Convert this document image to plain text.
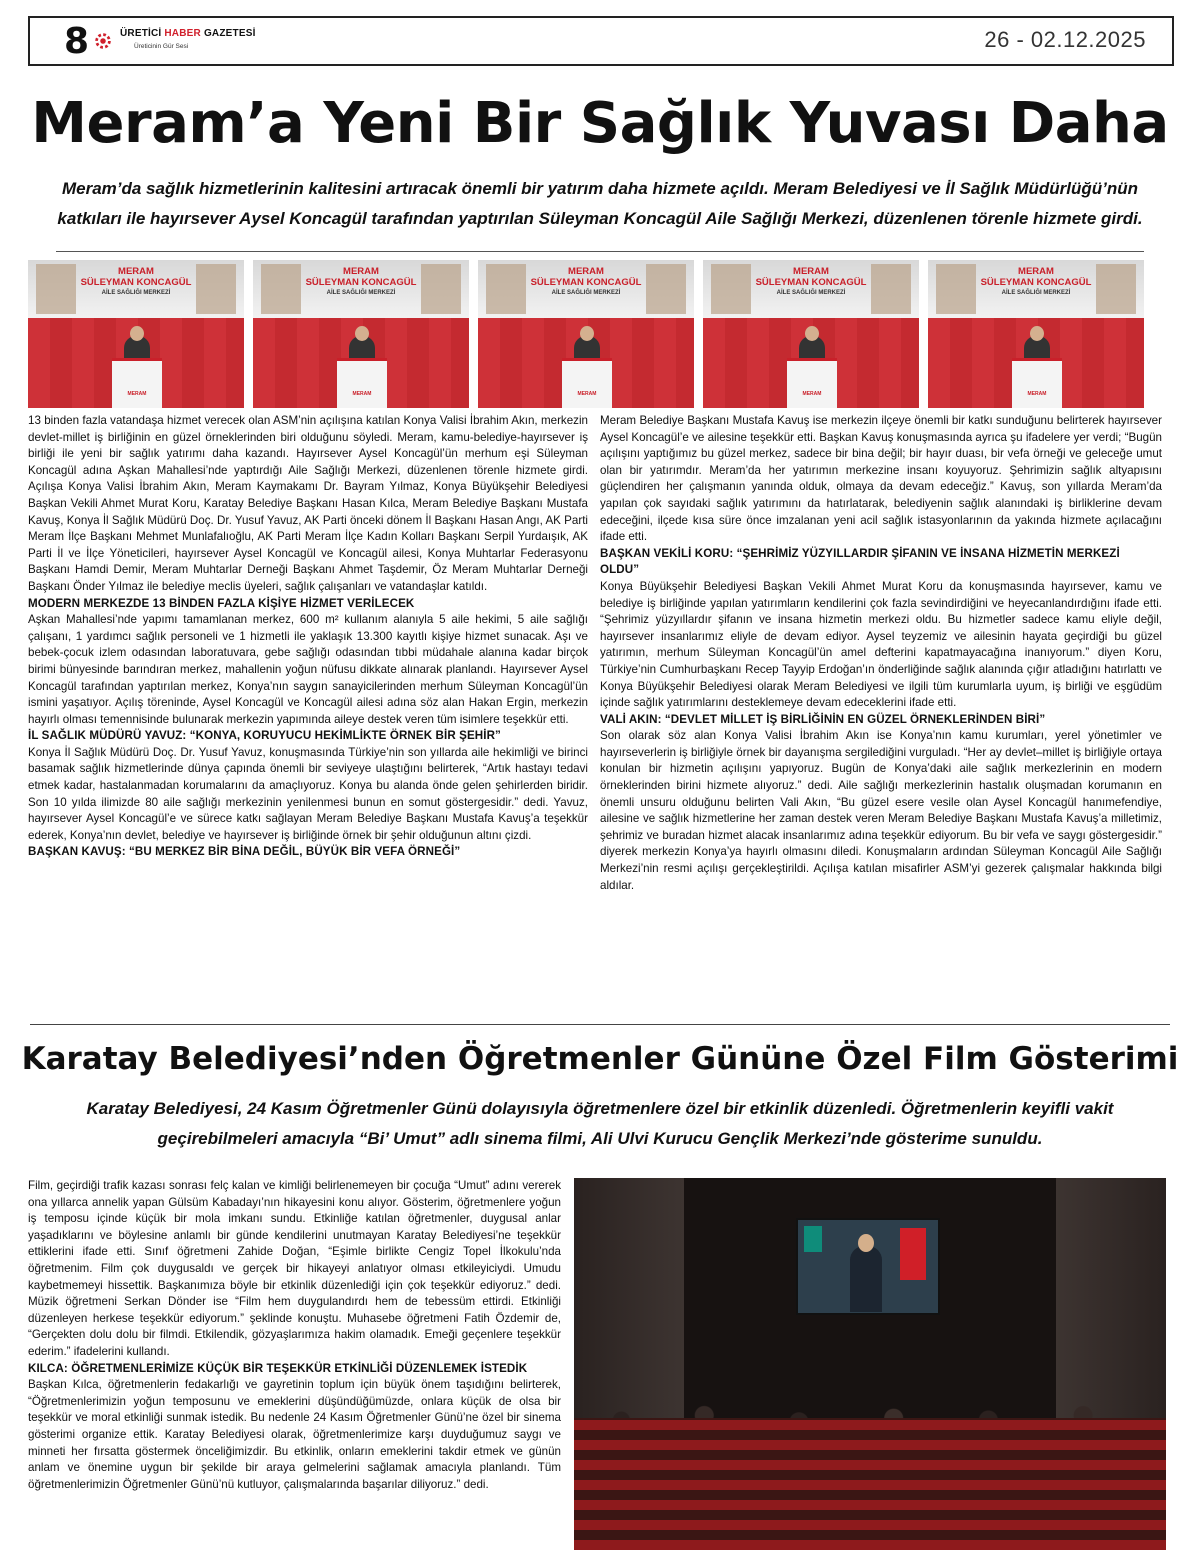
8	ÜRETİCİ HABER GAZETESİ
Üreticinin Gür Sesi	26 - 02.12.2025
Meram’a Yeni Bir Sağlık Yuvası Daha
Meram’da sağlık hizmetlerinin kalitesini artıracak önemli bir yatırım daha hizmete açıldı. Meram Belediyesi ve İl Sağlık Müdürlüğü’nün
katkıları ile hayırsever Aysel Koncagül tarafından yaptırılan Süleyman Koncagül Aile Sağlığı Merkezi, düzenlenen törenle hizmete girdi.
MERAM
SÜLEYMAN KONCAGÜL
AİLE SAĞLIĞI MERKEZİ
MERAM
MERAM
SÜLEYMAN KONCAGÜL
AİLE SAĞLIĞI MERKEZİ
MERAM
MERAM
SÜLEYMAN KONCAGÜL
AİLE SAĞLIĞI MERKEZİ
MERAM
MERAM
SÜLEYMAN KONCAGÜL
AİLE SAĞLIĞI MERKEZİ
MERAM
MERAM
SÜLEYMAN KONCAGÜL
AİLE SAĞLIĞI MERKEZİ
MERAM

13 binden fazla vatandaşa hizmet verecek olan ASM’nin açılışına katılan Konya Valisi İbrahim Akın, merkezin devlet-millet iş birliğinin en güzel örneklerinden biri olduğunu söyledi. Meram, kamu-belediye-hayırsever iş birliği ile yeni bir sağlık yatırımı daha kazandı. Hayırsever Aysel Koncagül’ün merhum eşi Süleyman Koncagül adına Aşkan Mahallesi’nde yaptırdığı Aile Sağlığı Merkezi, düzenlenen törenle hizmete girdi. Açılışa Konya Valisi İbrahim Akın, Meram Kaymakamı Dr. Bayram Yılmaz, Konya Büyükşehir Belediyesi Başkan Vekili Ahmet Murat Koru, Karatay Belediye Başkanı Hasan Kılca, Meram Belediye Başkanı Mustafa Kavuş, Konya İl Sağlık Müdürü Doç. Dr. Yusuf Yavuz, AK Parti önceki dönem İl Başkanı Hasan Angı, AK Parti Meram İlçe Başkanı Mehmet Munlafalıoğlu, AK Parti Meram İlçe Kadın Kolları Başkanı Serpil Yurdaışık, AK Parti İl ve İlçe Yöneticileri, hayırsever Aysel Koncagül ve Koncagül ailesi, Konya Muhtarlar Federasyonu Başkanı Hamdi Demir, Meram Muhtarlar Derneği Başkanı Ahmet Taşdemir, Öz Meram Muhtarlar Derneği Başkanı Önder Yılmaz ile belediye meclis üyeleri, sağlık çalışanları ve vatandaşlar katıldı.

MODERN MERKEZDE 13 BİNDEN FAZLA KİŞİYE HİZMET VERİLECEK

Aşkan Mahallesi’nde yapımı tamamlanan merkez, 600 m² kullanım alanıyla 5 aile hekimi, 5 aile sağlığı çalışanı, 1 yardımcı sağlık personeli ve 1 hizmetli ile yaklaşık 13.300 kayıtlı kişiye hizmet sunacak. Aşı ve bebek-çocuk izlem odasından laboratuvara, gebe sağlığı odasından tıbbi müdahale alanına kadar birçok birimi bünyesinde barındıran merkez, mahallenin yoğun nüfusu dikkate alınarak planlandı. Hayırsever Aysel Koncagül tarafından yaptırılan merkez, Konya’nın saygın sanayicilerinden merhum Süleyman Koncagül’ün ismini yaşatıyor. Açılış töreninde, Aysel Koncagül ve Koncagül ailesi adına söz alan Hakan Ergin, merkezin hayırlı olması temennisinde bulunarak merkezin yapımında aileye destek veren tüm isimlere teşekkür etti.

İL SAĞLIK MÜDÜRÜ YAVUZ: “KONYA, KORUYUCU HEKİMLİKTE ÖRNEK BİR ŞEHİR”

Konya İl Sağlık Müdürü Doç. Dr. Yusuf Yavuz, konuşmasında Türkiye’nin son yıllarda aile hekimliği ve birinci basamak sağlık hizmetlerinde dünya çapında önemli bir seviyeye ulaştığını belirterek, “Artık hastayı tedavi etmek kadar, hastalanmadan korumalarını da amaçlıyoruz. Konya bu alanda önde gelen şehirlerden biridir. Son 10 yılda ilimizde 80 aile sağlığı merkezinin yenilenmesi bunun en somut göstergesidir.” dedi. Yavuz, hayırsever Aysel Koncagül’e ve sürece katkı sağlayan Meram Belediye Başkanı Mustafa Kavuş’a teşekkür ederek, Konya’nın devlet, belediye ve hayırsever iş birliğinde örnek bir şehir olduğunun altını çizdi.

BAŞKAN KAVUŞ: “BU MERKEZ BİR BİNA DEĞİL, BÜYÜK BİR VEFA ÖRNEĞİ”

Meram Belediye Başkanı Mustafa Kavuş ise merkezin ilçeye önemli bir katkı sunduğunu belirterek hayırsever Aysel Koncagül’e ve ailesine teşekkür etti. Başkan Kavuş konuşmasında ayrıca şu ifadelere yer verdi; “Bugün açılışını yaptığımız bu güzel merkez, sadece bir bina değil; bir hayır duası, bir vefa örneği ve geleceğe umut olan bir yatırımdır. Meram’da her yatırımın merkezine insanı koyuyoruz. Şehrimizin sağlık altyapısını güçlendiren her çalışmanın yanında olduk, olmaya da devam edeceğiz.” Kavuş, son yıllarda Meram’da yapılan çok sayıdaki sağlık yatırımını da hatırlatarak, belediyenin sağlık alanındaki iş birliklerine devam edeceğini, ilçede kısa süre önce imzalanan yeni acil sağlık istasyonlarının da yakında hizmete açılacağını ifade etti.

BAŞKAN VEKİLİ KORU: “ŞEHRİMİZ YÜZYILLARDIR ŞİFANIN VE İNSANA HİZMETİN MERKEZİ OLDU”

Konya Büyükşehir Belediyesi Başkan Vekili Ahmet Murat Koru da konuşmasında hayırsever, kamu ve belediye iş birliğinde yapılan yatırımların kendilerini çok fazla sevindirdiğini ve heyecanlandırdığını ifade etti. “Şehrimiz yüzyıllardır şifanın ve insana hizmetin merkezi oldu. Bu hizmetler sadece kamu eliyle değil, hayırsever insanlarımız eliyle de devam ediyor. Aysel teyzemiz ve ailesinin hayata geçirdiği bu güzel yatırımın, merhum Süleyman Koncagül’ün amel defterini kapatmayacağına inanıyorum.” diyen Koru, Türkiye’nin Cumhurbaşkanı Recep Tayyip Erdoğan’ın önderliğinde sağlık alanında çığır atladığını hatırlattı ve Konya Büyükşehir Belediyesi olarak Meram Belediyesi ve ilgili tüm kurumlarla uyum, iş birliği ve eşgüdüm içinde sağlık yatırımlarını desteklemeye devam edeceklerini ifade etti.

VALİ AKIN: “DEVLET MİLLET İŞ BİRLİĞİNİN EN GÜZEL ÖRNEKLERİNDEN BİRİ”

Son olarak söz alan Konya Valisi İbrahim Akın ise Konya’nın kamu kurumları, yerel yönetimler ve hayırseverlerin iş birliğiyle örnek bir dayanışma sergilediğini vurguladı. “Her ay devlet–millet iş birliğiyle ortaya konulan bir hizmetin açılışını yapıyoruz. Bugün de Konya’daki aile sağlık merkezlerinin en modern örneklerinden birini hizmete alıyoruz.” dedi. Aile sağlığı merkezlerinin hastalık oluşmadan korumanın en önemli unsuru olduğunu belirten Vali Akın, “Bu güzel esere vesile olan Aysel Koncagül hanımefendiye, ailesine ve sağlık hizmetlerine her zaman destek veren Meram Belediye Başkanı Mustafa Kavuş’a milletimiz, şehrimiz ve buradan hizmet alacak insanlarımız adına teşekkür ediyorum. Bu bir vefa ve saygı göstergesidir.” diyerek merkezin Konya’ya hayırlı olmasını diledi. Konuşmaların ardından Süleyman Koncagül Aile Sağlığı Merkezi’nin resmi açılışı gerçekleştirildi. Açılışa katılan misafirler ASM’yi gezerek çalışmalar hakkında bilgi aldılar.

Karatay Belediyesi’nden Öğretmenler Gününe Özel Film Gösterimi
Karatay Belediyesi, 24 Kasım Öğretmenler Günü dolayısıyla öğretmenlere özel bir etkinlik düzenledi. Öğretmenlerin keyifli vakit
geçirebilmeleri amacıyla “Bi’ Umut” adlı sinema filmi, Ali Ulvi Kurucu Gençlik Merkezi’nde gösterime sunuldu.

Film, geçirdiği trafik kazası sonrası felç kalan ve kimliği belirlenemeyen bir çocuğa “Umut” adını vererek ona yıllarca annelik yapan Gülsüm Kabadayı’nın hikayesini konu alıyor. Gösterim, öğretmenlere yoğun iş temposu içinde küçük bir mola imkanı sundu. Etkinliğe katılan öğretmenler, duygusal anlar yaşadıklarını ve böylesine anlamlı bir günde kendilerini unutmayan Karatay Belediyesi’ne teşekkür ettiklerini ifade etti. Sınıf öğretmeni Zahide Doğan, “Eşimle birlikte Cengiz Topel İlkokulu’nda öğretmenim. Film çok duygusaldı ve gerçek bir hikayeyi anlatıyor olması etkileyiciydi. Umudu kaybetmemeyi hissettik. Başkanımıza böyle bir etkinlik düzenlediği için çok teşekkür ediyoruz.” dedi. Müzik öğretmeni Serkan Dönder ise “Film hem duygulandırdı hem de tebessüm ettirdi. Etkinliği düzenleyen herkese teşekkür ediyorum.” şeklinde konuştu. Muhasebe öğretmeni Fatih Özdemir de, “Gerçekten dolu dolu bir filmdi. Etkilendik, gözyaşlarımıza hakim olamadık. Emeği geçenlere teşekkür ederim.” ifadelerini kullandı.

KILCA: ÖĞRETMENLERİMİZE KÜÇÜK BİR TEŞEKKÜR ETKİNLİĞİ DÜZENLEMEK İSTEDİK

Başkan Kılca, öğretmenlerin fedakarlığı ve gayretinin toplum için büyük önem taşıdığını belirterek, “Öğretmenlerimizin yoğun temposunu ve emeklerini düşündüğümüzde, onlara küçük de olsa bir teşekkür ve moral etkinliği sunmak istedik. Bu nedenle 24 Kasım Öğretmenler Günü’ne özel bir sinema gösterimi organize ettik. Karatay Belediyesi olarak, öğretmenlerimize karşı duyduğumuz saygı ve minneti her fırsatta göstermek önceliğimizdir. Bu etkinlik, onların emeklerini takdir etmek ve günün anlam ve önemine uygun bir şekilde bir araya gelmelerini sağlamak amacıyla planlandı. Tüm öğretmenlerimizin Öğretmenler Günü’nü kutluyor, çalışmalarında başarılar diliyoruz.” dedi.
